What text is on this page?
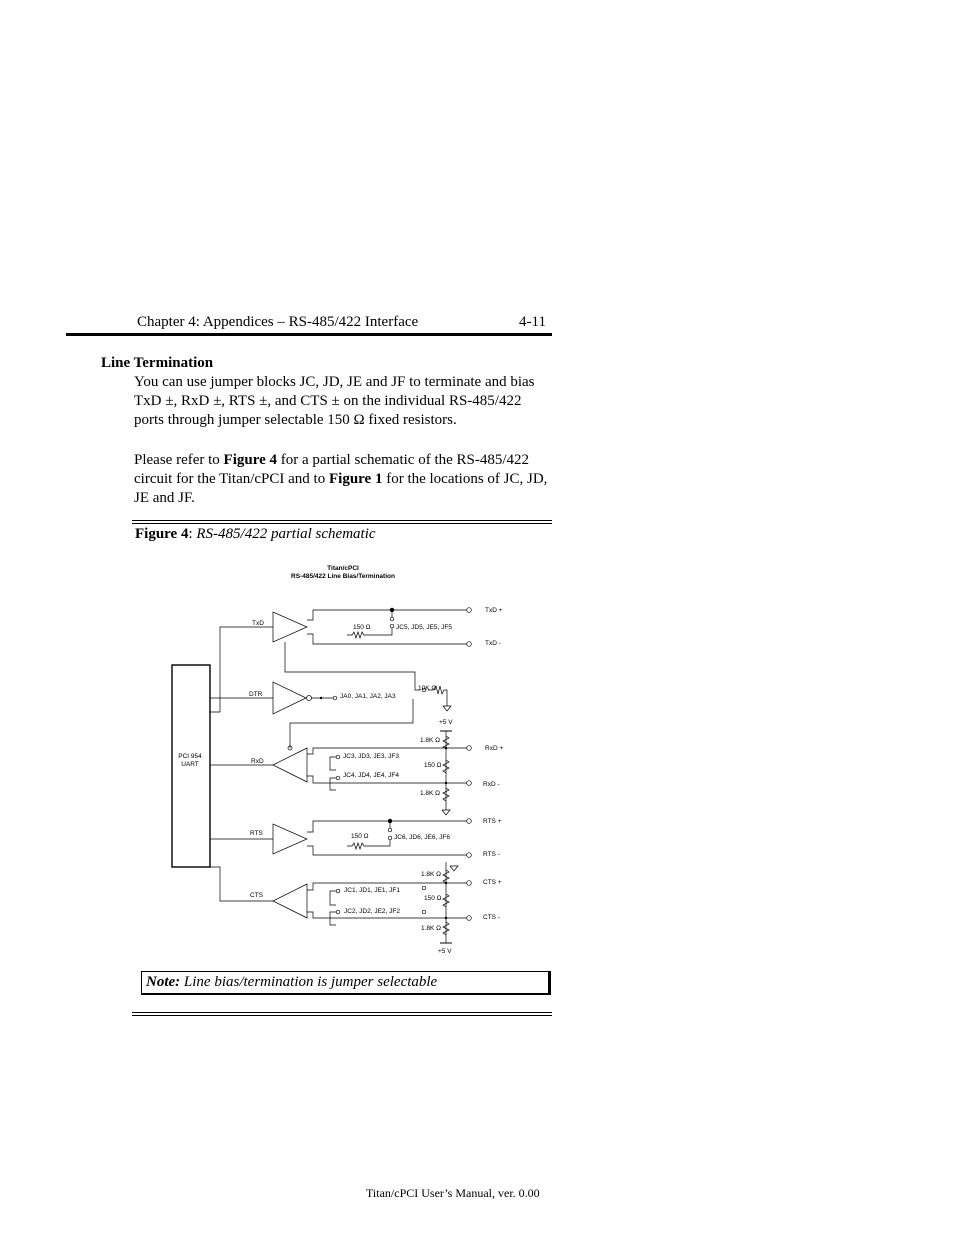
Chapter 4: Appendices – RS-485/422 Interface	4-11
Line Termination
You can use jumper blocks JC, JD, JE and JF to terminate and bias TxD ±, RxD ±, RTS ±, and CTS ± on the individual RS-485/422 ports through jumper selectable 150 Ω fixed resistors.
Please refer to Figure 4 for a partial schematic of the RS-485/422 circuit for the Titan/cPCI and to Figure 1 for the locations of JC, JD, JE and JF.
Figure 4: RS-485/422 partial schematic
Titan/cPCI
RS-485/422 Line Bias/Termination
PCI 954
UART
TxD
DTR
RxD
RTS
CTS
TxD +
TxD -
RxD +
RxD -
RTS +
RTS -
CTS +
CTS -
JC5, JD5, JE5, JF5
JA0, JA1, JA2, JA3
JC3, JD3, JE3, JF3
JC4, JD4, JE4, JF4
JC6, JD6, JE6, JF6
JC1, JD1, JE1, JF1
JC2, JD2, JE2, JF2
150 Ω
10K Ω
1.8K Ω
150 Ω
1.8K Ω
150 Ω
1.8K Ω
150 Ω
1.8K Ω
+5 V
+5 V
Note: Line bias/termination is jumper selectable
Titan/cPCI User’s Manual, ver. 0.00
